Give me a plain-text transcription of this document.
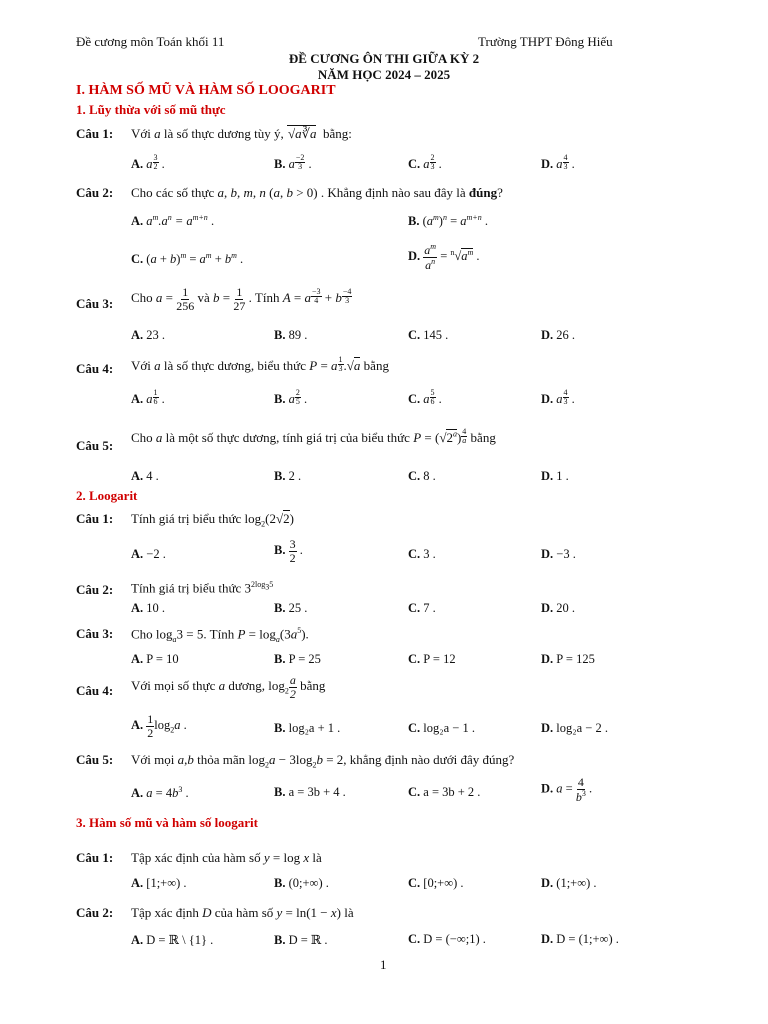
Đề cương môn Toán khối 11	Trường THPT Đông Hiếu
ĐỀ CƯƠNG ÔN THI GIỮA KỲ 2
NĂM HỌC 2024 – 2025
I. HÀM SỐ MŨ VÀ HÀM SỐ LOOGARIT
1. Lũy thừa với số mũ thực
Câu 1: Với a là số thực dương tùy ý, √a∛a  bằng:
A. a $\frac{3}{2}$ .	B. a $\frac{-2}{3}$ .	C. a $\frac{2}{3}$ .	D. a $\frac{4}{3}$ .
Câu 2: Cho các số thực a, b, m, n (a, b > 0) . Khẳng định nào sau đây là đúng?
A. $a^m.a^n = a^{m+n}$ .	B. $(a^m)^n = a^{m+n}$ .
C. $(a + b)^m = a^m + b^m$ .	D. $\frac{a^m}{a^n} = ^n√a^m$ .
Câu 3: Cho $a = \frac{1}{256}$ và $b = \frac{1}{27}$ . Tính A = a $\frac{-3}{4} + b \frac{-4}{3}$
A. 23 .	B. 89 .	C. 145 .	D. 26 .
Câu 4: Với a là số thực dương, biểu thức P = a $\frac{1}{3} .√a$ bằng
A. a $\frac{1}{6}$ .	B. a $\frac{2}{5}$ .	C. a $\frac{5}{6}$ .	D. a $\frac{4}{3}$ .
Câu 5:
Cho a là một số thực dương, tính giá trị của biểu thức $P = (√2^a) \frac{4}{a}$ bằng
A. 4 .	B. 2 .	C. 8 .	D. 1 .
2. Loogarit
Câu 1: Tính giá trị biểu thức $\log_2(2√2)$
A. −2 .	B. $\frac{3}{2}$ .	C. 3 .	D. −3 .
Câu 2: Tính giá trị biểu thức $3^{2log_35}$
A. 10 .	B. 25 .	C. 7 .	D. 20 .
Câu 3: Cho $\log_a3 = 5$. Tính $P = \log_a(3a^5)$.
A. P = 10	B. P = 25	C. P = 12	D. P = 125
Câu 4: Với mọi số thực a dương, $\log_2 \frac{a}{2}$ bằng
A. $\frac{1}{2} \log_2a$ .	B. log₂a + 1 .	C. log₂a − 1 .	D. log₂a − 2 .
Câu 5: Với mọi a,b thỏa mãn $\log_2a - 3\log_2b = 2$, khẳng định nào dưới đây đúng?
A. $a = 4b^3$ .	B. a = 3b + 4 .	C. a = 3b + 2 .	D. $a = \frac{4}{b^3}$ .
3. Hàm số mũ và hàm số loogarit
Câu 1: Tập xác định của hàm số y = log x là
A. [1;+∞) .	B. (0;+∞) .	C. [0;+∞) .	D. (1;+∞) .
Câu 2: Tập xác định D của hàm số y = ln(1 − x) là
A. D = ℝ \ {1} .	B. D = ℝ .	C. D = (−∞;1) .	D. D = (1;+∞) .
1
